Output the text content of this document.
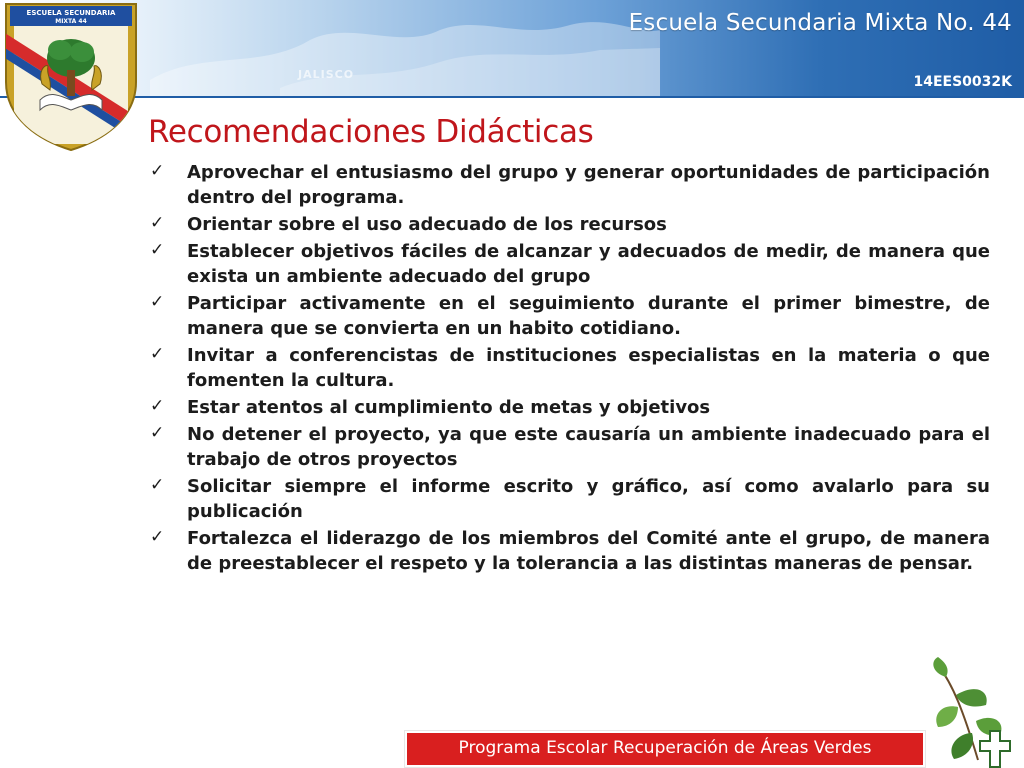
JALISCO
Escuela Secundaria Mixta No. 44
14EES0032K
ESCUELA SECUNDARIA
MIXTA 44
Recomendaciones Didácticas
✓ Aprovechar el entusiasmo del grupo y generar oportunidades de participación dentro del programa.
✓ Orientar sobre el uso adecuado de los recursos
✓ Establecer objetivos fáciles de alcanzar y adecuados de medir, de manera que exista un ambiente adecuado del grupo
✓ Participar activamente en el seguimiento durante el primer bimestre, de manera que se convierta en un habito cotidiano.
✓ Invitar a conferencistas de instituciones especialistas en la materia o que fomenten la cultura.
✓ Estar atentos al cumplimiento de metas y objetivos
✓ No detener el proyecto, ya que este causaría un ambiente inadecuado para el trabajo de otros proyectos
✓ Solicitar siempre el informe escrito y gráfico, así como avalarlo para su publicación
✓ Fortalezca el liderazgo de los miembros del Comité ante el grupo, de manera de preestablecer el respeto y la tolerancia a las distintas maneras de pensar.
Programa Escolar Recuperación de Áreas Verdes
